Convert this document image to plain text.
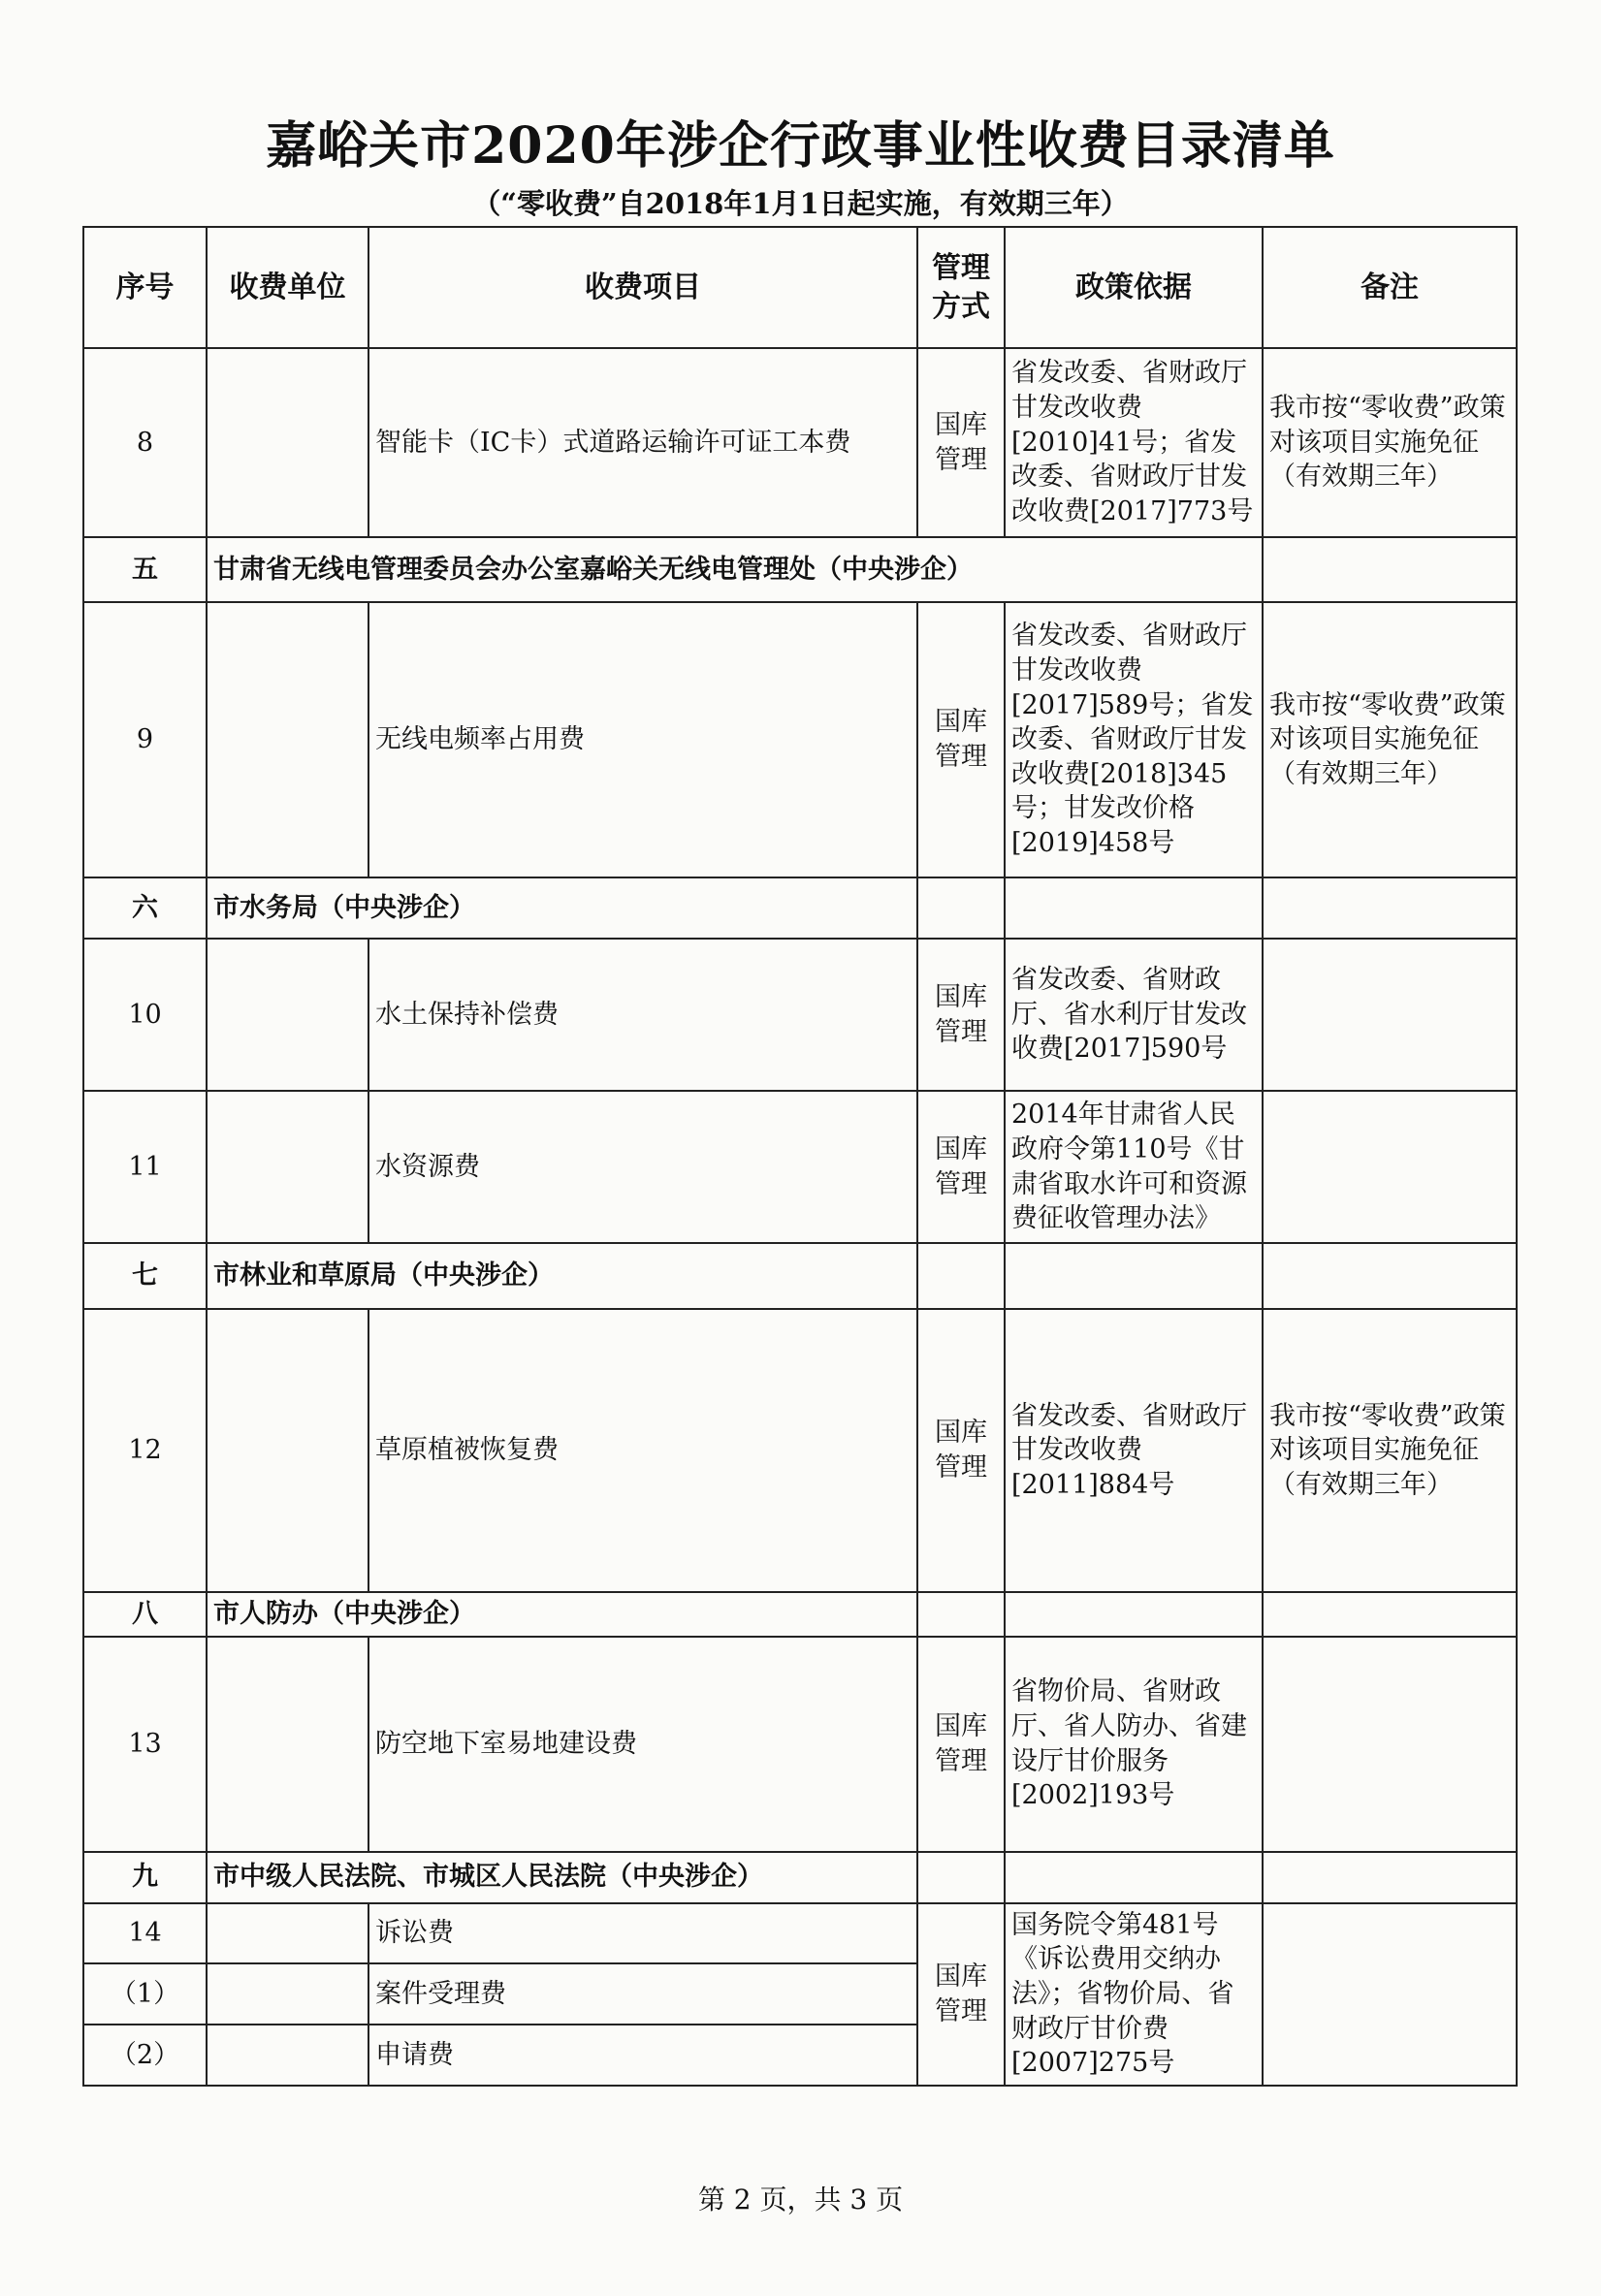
嘉峪关市2020年涉企行政事业性收费目录清单
（“零收费”自2018年1月1日起实施，有效期三年）
序号	收费单位	收费项目	管理方式	政策依据	备注
8		智能卡（IC卡）式道路运输许可证工本费	国库管理	省发改委、省财政厅甘发改收费[2010]41号；省发改委、省财政厅甘发改收费[2017]773号	我市按“零收费”政策对该项目实施免征（有效期三年）
五	甘肃省无线电管理委员会办公室嘉峪关无线电管理处（中央涉企）				
9		无线电频率占用费	国库管理	省发改委、省财政厅甘发改收费[2017]589号；省发改委、省财政厅甘发改收费[2018]345号；甘发改价格[2019]458号	我市按“零收费”政策对该项目实施免征（有效期三年）
六	市水务局（中央涉企）				
10		水土保持补偿费	国库管理	省发改委、省财政厅、省水利厅甘发改收费[2017]590号	
11		水资源费	国库管理	2014年甘肃省人民政府令第110号《甘肃省取水许可和资源费征收管理办法》	
七	市林业和草原局（中央涉企）				
12		草原植被恢复费	国库管理	省发改委、省财政厅甘发改收费[2011]884号	我市按“零收费”政策对该项目实施免征（有效期三年）
八	市人防办（中央涉企）				
13		防空地下室易地建设费	国库管理	省物价局、省财政厅、省人防办、省建设厅甘价服务[2002]193号	
九	市中级人民法院、市城区人民法院（中央涉企）				
14		诉讼费	国库管理	国务院令第481号《诉讼费用交纳办法》；省物价局、省财政厅甘价费[2007]275号	
（1）		案件受理费			
（2）		申请费			
第 2 页，共 3 页
